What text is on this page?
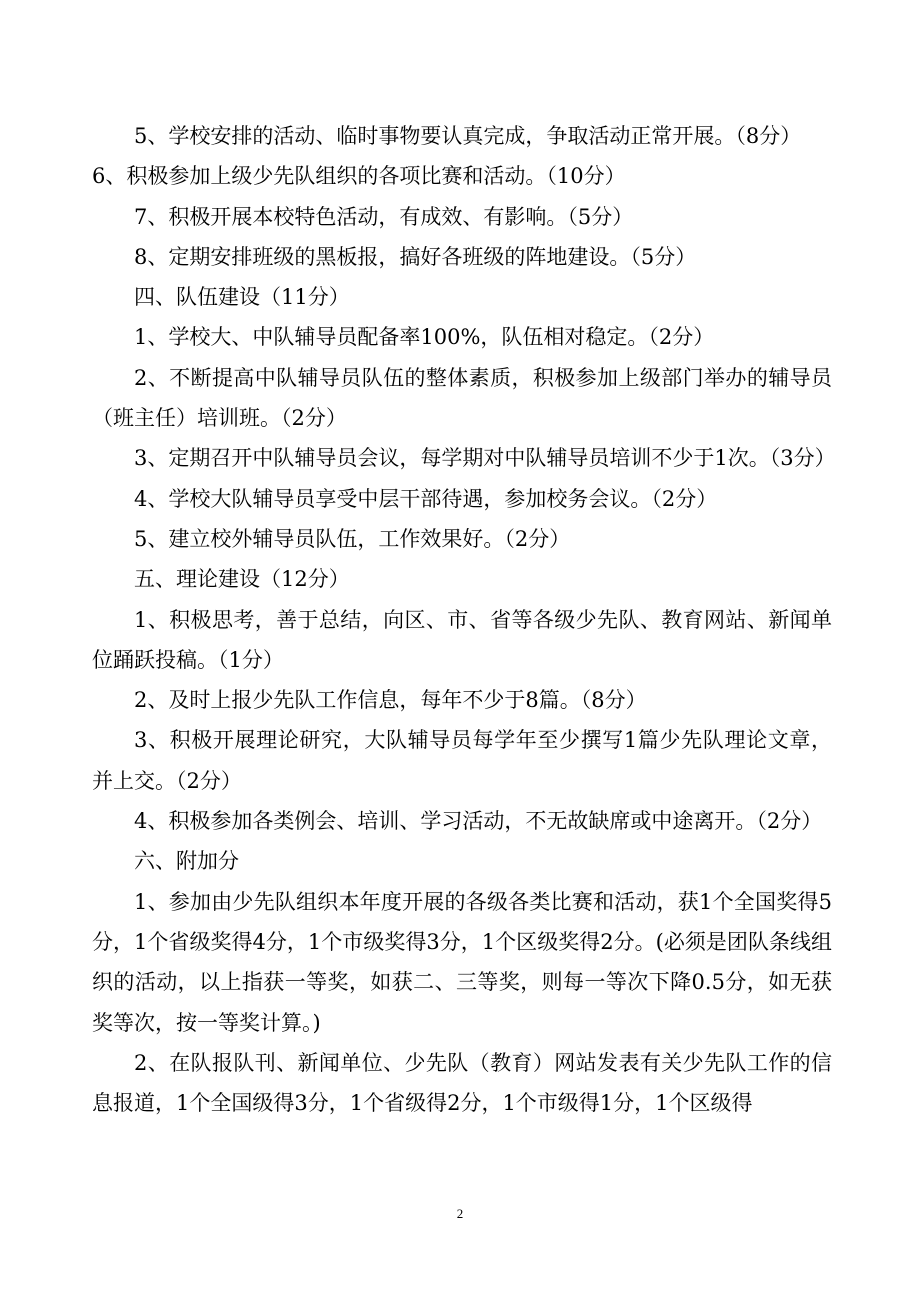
5、学校安排的活动、临时事物要认真完成，争取活动正常开展。（8分）

6、积极参加上级少先队组织的各项比赛和活动。（10分）

7、积极开展本校特色活动，有成效、有影响。（5分）

8、定期安排班级的黑板报，搞好各班级的阵地建设。（5分）

四、队伍建设（11分）

1、学校大、中队辅导员配备率100%，队伍相对稳定。（2分）

2、不断提高中队辅导员队伍的整体素质，积极参加上级部门举办的辅导员（班主任）培训班。（2分）

3、定期召开中队辅导员会议，每学期对中队辅导员培训不少于1次。（3分）

4、学校大队辅导员享受中层干部待遇，参加校务会议。（2分）

5、建立校外辅导员队伍，工作效果好。（2分）

五、理论建设（12分）

1、积极思考，善于总结，向区、市、省等各级少先队、教育网站、新闻单位踊跃投稿。（1分）

2、及时上报少先队工作信息，每年不少于8篇。（8分）

3、积极开展理论研究，大队辅导员每学年至少撰写1篇少先队理论文章，并上交。（2分）

4、积极参加各类例会、培训、学习活动，不无故缺席或中途离开。（2分）

六、附加分

1、参加由少先队组织本年度开展的各级各类比赛和活动，获1个全国奖得5分，1个省级奖得4分，1个市级奖得3分，1个区级奖得2分。(必须是团队条线组织的活动，以上指获一等奖，如获二、三等奖，则每一等次下降0.5分，如无获奖等次，按一等奖计算。)

2、在队报队刊、新闻单位、少先队（教育）网站发表有关少先队工作的信息报道，1个全国级得3分，1个省级得2分，1个市级得1分，1个区级得

2
